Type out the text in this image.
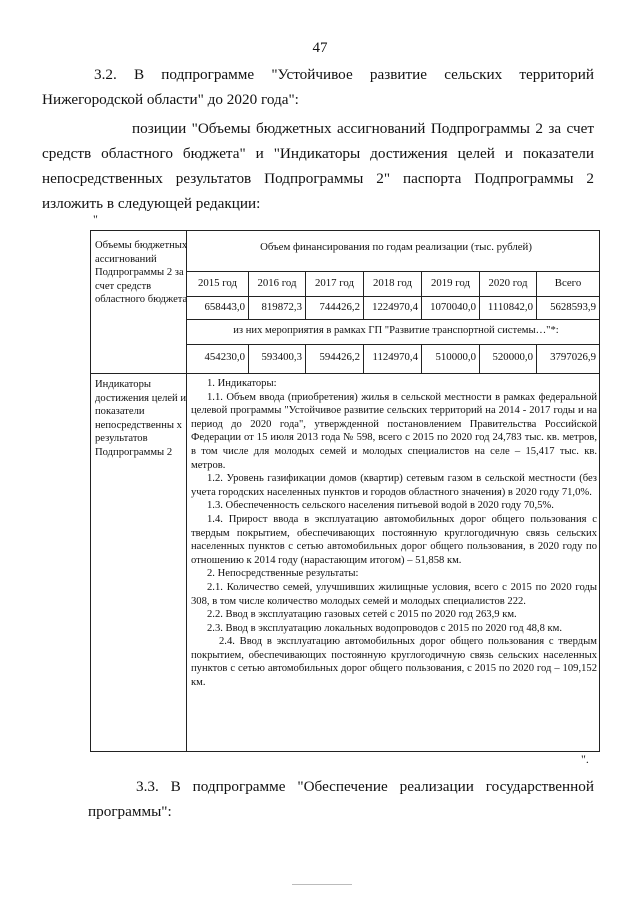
47
3.2. В подпрограмме "Устойчивое развитие сельских территорий
Нижегородской области" до 2020 года":
позиции "Объемы бюджетных ассигнований Подпрограммы 2 за счет
средств областного бюджета" и "Индикаторы достижения целей и показатели
непосредственных результатов Подпрограммы 2" паспорта Подпрограммы 2
изложить в следующей редакции:
"
Объемы бюджетных ассигнований Подпрограммы 2 за счет средств областного бюджета
Объем финансирования по годам реализации (тыс. рублей)
2015 год	2016 год	2017 год	2018 год	2019 год	2020 год	Всего
658443,0	819872,3	744426,2	1224970,4	1070040,0	1110842,0	5628593,9
из них мероприятия в рамках ГП "Развитие транспортной системы…"*:
454230,0	593400,3	594426,2	1124970,4	510000,0	520000,0	3797026,9
Индикаторы достижения целей и показатели непосредственны х результатов Подпрограммы 2

1. Индикаторы:

1.1. Объем ввода (приобретения) жилья в сельской местности в рамках федеральной целевой программы "Устойчивое развитие сельских территорий на 2014 - 2017 годы и на период до 2020 года", утвержденной постановлением Правительства Российской Федерации от 15 июля 2013 года № 598, всего с 2015 по 2020 год 24,783 тыс. кв. метров, в том числе для молодых семей и молодых специалистов на селе – 15,417 тыс. кв. метров.

1.2. Уровень газификации домов (квартир) сетевым газом в сельской местности (без учета городских населенных пунктов и городов областного значения) в 2020 году 71,0%.

1.3. Обеспеченность сельского населения питьевой водой в 2020 году 70,5%.

1.4. Прирост ввода в эксплуатацию автомобильных дорог общего пользования с твердым покрытием, обеспечивающих постоянную круглогодичную связь сельских населенных пунктов с сетью автомобильных дорог общего пользования, в 2020 году по отношению к 2014 году (нарастающим итогом) – 51,858 км.

2. Непосредственные результаты:

2.1. Количество семей, улучшивших жилищные условия, всего с 2015 по 2020 годы 308, в том числе количество молодых семей и молодых специалистов 222.

2.2. Ввод в эксплуатацию газовых сетей с 2015 по 2020 год 263,9 км.

2.3. Ввод в эксплуатацию локальных водопроводов с 2015 по 2020 год 48,8 км.

2.4. Ввод в эксплуатацию автомобильных дорог общего пользования с твердым покрытием, обеспечивающих постоянную круглогодичную связь сельских населенных пунктов с сетью автомобильных дорог общего пользования, с 2015 по 2020 год – 109,152 км.

".
3.3. В подпрограмме "Обеспечение реализации государственной
программы":
